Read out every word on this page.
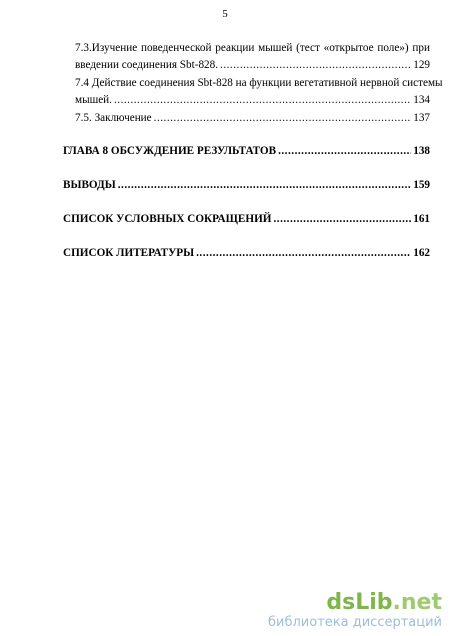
5
7.3.Изучение поведенческой реакции мышей (тест «открытое поле») при
введении соединения Sbt-828. .....	129
7.4 Действие соединения Sbt-828 на функции вегетативной нервной системы
мышей. .....	134
7.5. Заключение .....	137
ГЛАВА 8 ОБСУЖДЕНИЕ РЕЗУЛЬТАТОВ .....	138
ВЫВОДЫ .....	159
СПИСОК УСЛОВНЫХ СОКРАЩЕНИЙ .....	161
СПИСОК ЛИТЕРАТУРЫ .....	162
dsLib.net
библиотека диссертаций
